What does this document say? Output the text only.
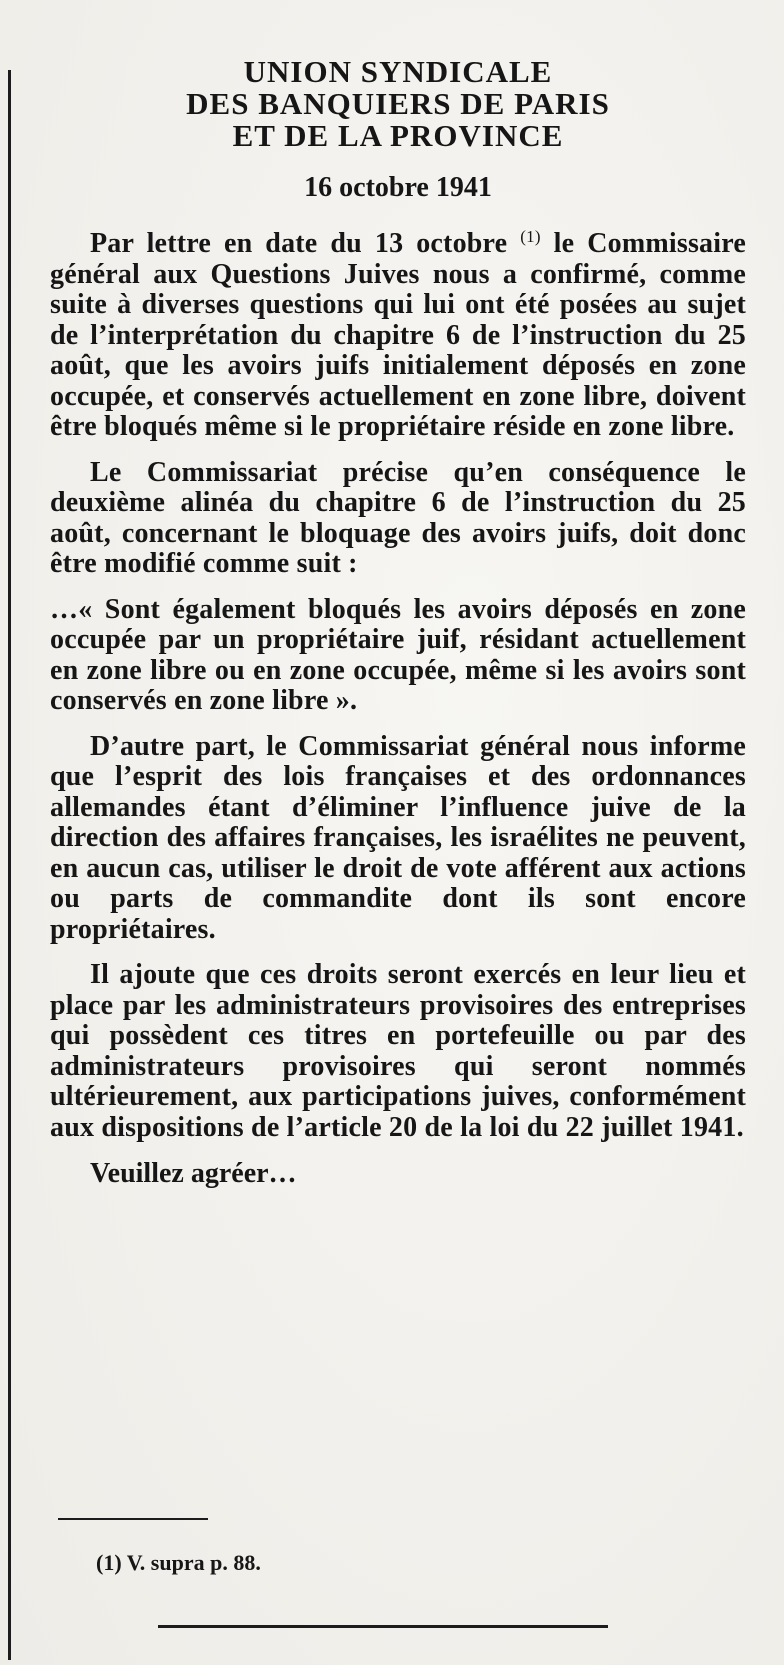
UNION SYNDICALE

DES BANQUIERS DE PARIS

ET DE LA PROVINCE

16 octobre 1941

Par lettre en date du 13 octobre $^{(1)}$ le Commissaire général aux Questions Juives nous a confirmé, comme suite à diverses questions qui lui ont été posées au sujet de l’interprétation du chapitre 6 de l’instruction du 25 août, que les avoirs juifs initialement déposés en zone occupée, et conservés actuellement en zone libre, doivent être bloqués même si le propriétaire réside en zone libre.

Le Commissariat précise qu’en conséquence le deuxième alinéa du chapitre 6 de l’instruction du 25 août, concernant le bloquage des avoirs juifs, doit donc être modifié comme suit :

…« Sont également bloqués les avoirs déposés en zone occupée par un propriétaire juif, résidant actuellement en zone libre ou en zone occupée, même si les avoirs sont conservés en zone libre ».

D’autre part, le Commissariat général nous informe que l’esprit des lois françaises et des ordonnances allemandes étant d’éliminer l’influence juive de la direction des affaires françaises, les israélites ne peuvent, en aucun cas, utiliser le droit de vote afférent aux actions ou parts de commandite dont ils sont encore propriétaires.

Il ajoute que ces droits seront exercés en leur lieu et place par les administrateurs provisoires des entreprises qui possèdent ces titres en portefeuille ou par des administrateurs provisoires qui seront nommés ultérieurement, aux participations juives, conformément aux dispositions de l’article 20 de la loi du 22 juillet 1941.

Veuillez agréer…

(1) V. supra p. 88.
